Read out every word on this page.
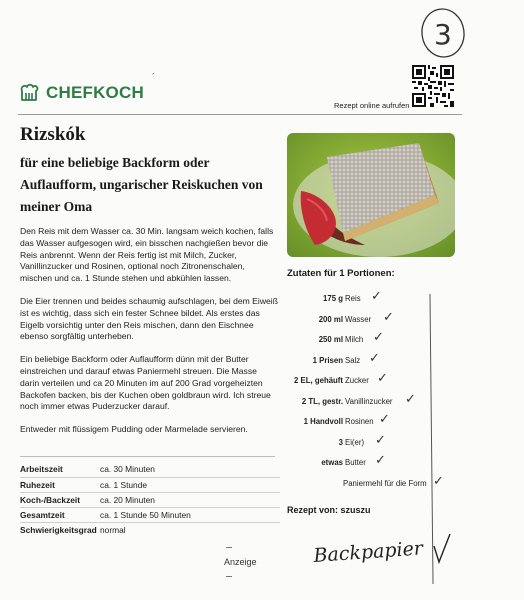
3
´
CHEFKOCH
Rezept online aufrufen
Rizskók
für eine beliebige Backform oder Auflaufform, ungarischer Reiskuchen von meiner Oma

Den Reis mit dem Wasser ca. 30 Min. langsam weich kochen, falls das Wasser aufgesogen wird, ein bisschen nachgießen bevor die Reis anbrennt. Wenn der Reis fertig ist mit Milch, Zucker, Vanillinzucker und Rosinen, optional noch Zitronenschalen, mischen und ca. 1 Stunde stehen und abkühlen lassen.

Die Eier trennen und beides schaumig aufschlagen, bei dem Eiweiß ist es wichtig, dass sich ein fester Schnee bildet. Als erstes das Eigelb vorsichtig unter den Reis mischen, dann den Eischnee ebenso sorgfältig unterheben.

Ein beliebige Backform oder Auflaufform dünn mit der Butter einstreichen und darauf etwas Paniermehl streuen. Die Masse darin verteilen und ca 20 Minuten im auf 200 Grad vorgeheizten Backofen backen, bis der Kuchen oben goldbraun wird. Ich streue noch immer etwas Puderzucker darauf.

Entweder mit flüssigem Pudding oder Marmelade servieren.

Arbeitszeit	ca. 30 Minuten
Ruhezeit	ca. 1 Stunde
Koch-/Backzeit	ca. 20 Minuten
Gesamtzeit	ca. 1 Stunde 50 Minuten
Schwierigkeitsgrad	normal
Zutaten für 1 Portionen:
175 g Reis ✓
200 ml Wasser ✓
250 ml Milch ✓
1 Prisen Salz ✓
2 EL, gehäuft Zucker ✓
2 TL, gestr. Vanillinzucker ✓
1 Handvoll Rosinen ✓
3 Ei(er) ✓
etwas Butter ✓
Paniermehl für die Form ✓
Rezept von: szuszu
Backpapier
Anzeige
